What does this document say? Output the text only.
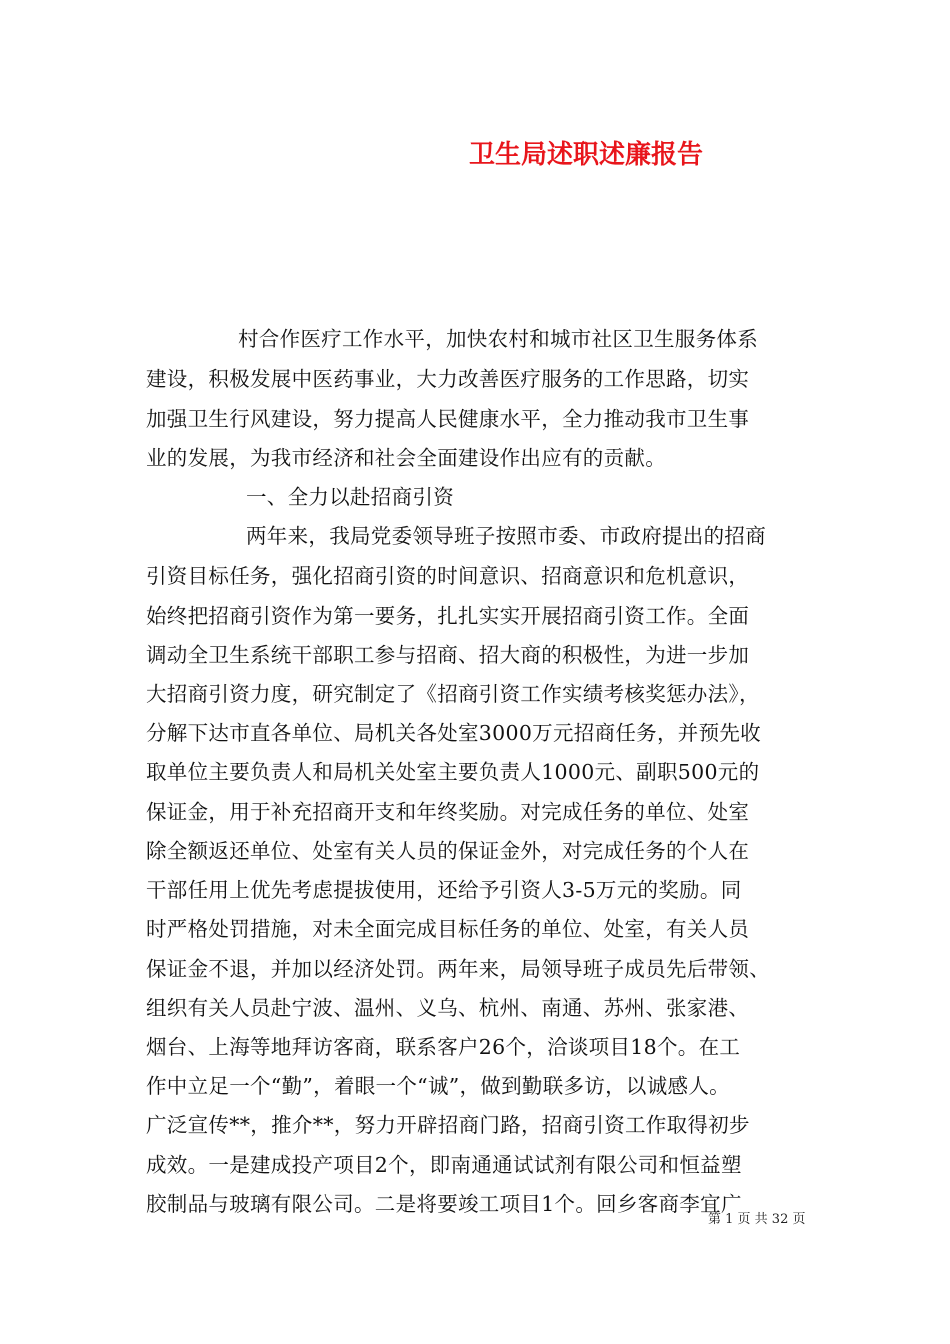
卫生局述职述廉报告
村合作医疗工作水平，加快农村和城市社区卫生服务体系
建设，积极发展中医药事业，大力改善医疗服务的工作思路，切实
加强卫生行风建设，努力提高人民健康水平，全力推动我市卫生事
业的发展，为我市经济和社会全面建设作出应有的贡献。
一、全力以赴招商引资
两年来，我局党委领导班子按照市委、市政府提出的招商
引资目标任务，强化招商引资的时间意识、招商意识和危机意识，
始终把招商引资作为第一要务，扎扎实实开展招商引资工作。全面
调动全卫生系统干部职工参与招商、招大商的积极性，为进一步加
大招商引资力度，研究制定了《招商引资工作实绩考核奖惩办法》，
分解下达市直各单位、局机关各处室3000万元招商任务，并预先收
取单位主要负责人和局机关处室主要负责人1000元、副职500元的
保证金，用于补充招商开支和年终奖励。对完成任务的单位、处室
除全额返还单位、处室有关人员的保证金外，对完成任务的个人在
干部任用上优先考虑提拔使用，还给予引资人3-5万元的奖励。同
时严格处罚措施，对未全面完成目标任务的单位、处室，有关人员
保证金不退，并加以经济处罚。两年来，局领导班子成员先后带领、
组织有关人员赴宁波、温州、义乌、杭州、南通、苏州、张家港、
烟台、上海等地拜访客商，联系客户26个，洽谈项目18个。在工
作中立足一个“勤”，着眼一个“诚”，做到勤联多访，以诚感人。
广泛宣传**，推介**，努力开辟招商门路，招商引资工作取得初步
成效。一是建成投产项目2个，即南通通试试剂有限公司和恒益塑
胶制品与玻璃有限公司。二是将要竣工项目1个。回乡客商李宜广
第 1 页 共 32 页
